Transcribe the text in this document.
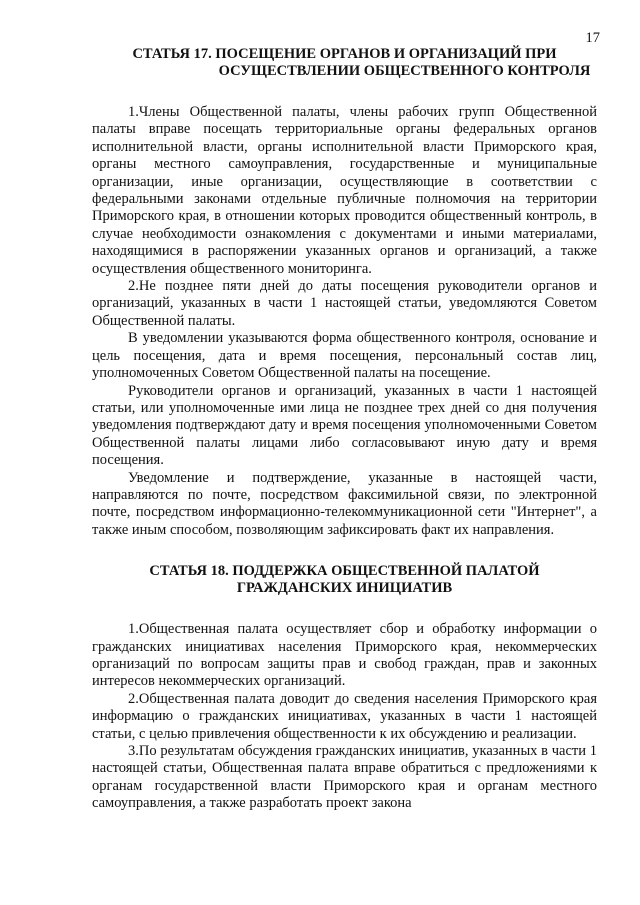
17
СТАТЬЯ 17. ПОСЕЩЕНИЕ ОРГАНОВ И ОРГАНИЗАЦИЙ ПРИ
ОСУЩЕСТВЛЕНИИ ОБЩЕСТВЕННОГО КОНТРОЛЯ

1.Члены Общественной палаты, члены рабочих групп Общественной палаты вправе посещать территориальные органы федеральных органов исполнительной власти, органы исполнительной власти Приморского края, органы местного самоуправления, государственные и муниципальные организации, иные организации, осуществляющие в соответствии с федеральными законами отдельные публичные полномочия на территории Приморского края, в отношении которых проводится общественный контроль, в случае необходимости ознакомления с документами и иными материалами, находящимися в распоряжении указанных органов и организаций, а также осуществления общественного мониторинга.

2.Не позднее пяти дней до даты посещения руководители органов и организаций, указанных в части 1 настоящей статьи, уведомляются Советом Общественной палаты.

В уведомлении указываются форма общественного контроля, основание и цель посещения, дата и время посещения, персональный состав лиц, уполномоченных Советом Общественной палаты на посещение.

Руководители органов и организаций, указанных в части 1 настоящей статьи, или уполномоченные ими лица не позднее трех дней со дня получения уведомления подтверждают дату и время посещения уполномоченными Советом Общественной палаты лицами либо согласовывают иную дату и время посещения.

Уведомление и подтверждение, указанные в настоящей части, направляются по почте, посредством факсимильной связи, по электронной почте, посредством информационно-телекоммуникационной сети "Интернет", а также иным способом, позволяющим зафиксировать факт их направления.

СТАТЬЯ 18. ПОДДЕРЖКА ОБЩЕСТВЕННОЙ ПАЛАТОЙ
ГРАЖДАНСКИХ ИНИЦИАТИВ

1.Общественная палата осуществляет сбор и обработку информации о гражданских инициативах населения Приморского края, некоммерческих организаций по вопросам защиты прав и свобод граждан, прав и законных интересов некоммерческих организаций.

2.Общественная палата доводит до сведения населения Приморского края информацию о гражданских инициативах, указанных в части 1 настоящей статьи, с целью привлечения общественности к их обсуждению и реализации.

3.По результатам обсуждения гражданских инициатив, указанных в части 1 настоящей статьи, Общественная палата вправе обратиться с предложениями к органам государственной власти Приморского края и органам местного самоуправления, а также разработать проект закона
